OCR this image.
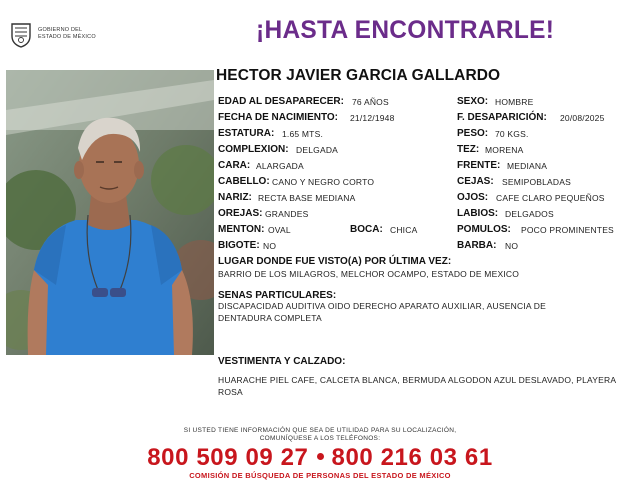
GOBIERNO DEL ESTADO DE MÉXICO	¡HASTA ENCONTRARLE!
HECTOR JAVIER GARCIA GALLARDO
EDAD AL DESAPARECER: 76 AÑOS
FECHA DE NACIMIENTO: 21/12/1948
ESTATURA: 1.65 MTS.
COMPLEXION: DELGADA
CARA: ALARGADA
CABELLO: CANO Y NEGRO CORTO
NARIZ: RECTA BASE MEDIANA
OREJAS: GRANDES
MENTON: OVAL	BOCA: CHICA
BIGOTE: NO
SEXO: HOMBRE
F. DESAPARICIÓN: 20/08/2025
PESO: 70 KGS.
TEZ: MORENA
FRENTE: MEDIANA
CEJAS: SEMIPOBLADAS
OJOS: CAFE CLARO PEQUEÑOS
LABIOS: DELGADOS
POMULOS: POCO PROMINENTES
BARBA: NO
LUGAR DONDE FUE VISTO(A) POR ÚLTIMA VEZ:
BARRIO DE LOS MILAGROS, MELCHOR OCAMPO, ESTADO DE MEXICO
SENAS PARTICULARES:
DISCAPACIDAD AUDITIVA OIDO DERECHO APARATO AUXILIAR, AUSENCIA DE DENTADURA COMPLETA
VESTIMENTA Y CALZADO:
HUARACHE PIEL CAFE, CALCETA BLANCA, BERMUDA ALGODON AZUL DESLAVADO, PLAYERA ROSA
SI USTED TIENE INFORMACIÓN QUE SEA DE UTILIDAD PARA SU LOCALIZACIÓN,
COMUNÍQUESE A LOS TELÉFONOS:
800 509 09 27 800 216 03 61
COMISIÓN DE BÚSQUEDA DE PERSONAS DEL ESTADO DE MÉXICO
